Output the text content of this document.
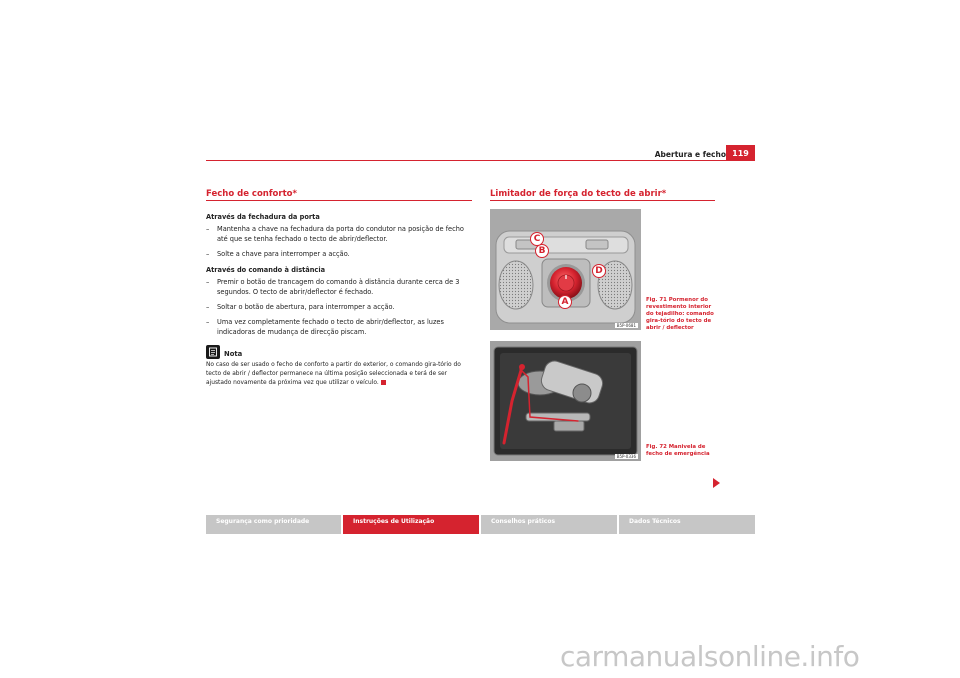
Abertura e fecho 119
Fecho de conforto*
Através da fechadura da porta
– Mantenha a chave na fechadura da porta do condutor na posição de fecho até que se tenha fechado o tecto de abrir/deflector.
– Solte a chave para interromper a acção.
Através do comando à distância
– Premir o botão de trancagem do comando à distância durante cerca de 3 segundos. O tecto de abrir/deflector é fechado.
– Soltar o botão de abertura, para interromper a acção.
– Uma vez completamente fechado o tecto de abrir/deflector, as luzes indicadoras de mudança de direcção piscam.
Nota
No caso de ser usado o fecho de conforto a partir do exterior, o comando gira-tório do tecto de abrir / deflector permanece na última posição seleccionada e terá de ser ajustado novamente da próxima vez que utilizar o veículo.
Limitador de força do tecto de abrir*
A
B
C
D
B5P-0681
Fig. 71 Pormenor do revestimento interior do tejadilho: comando gira-tório do tecto de abrir / deflector
B5P-0336
Fig. 72 Manivela de fecho de emergência
Segurança como prioridade	Instruções de Utilização	Conselhos práticos	Dados Técnicos
carmanualsonline.info
